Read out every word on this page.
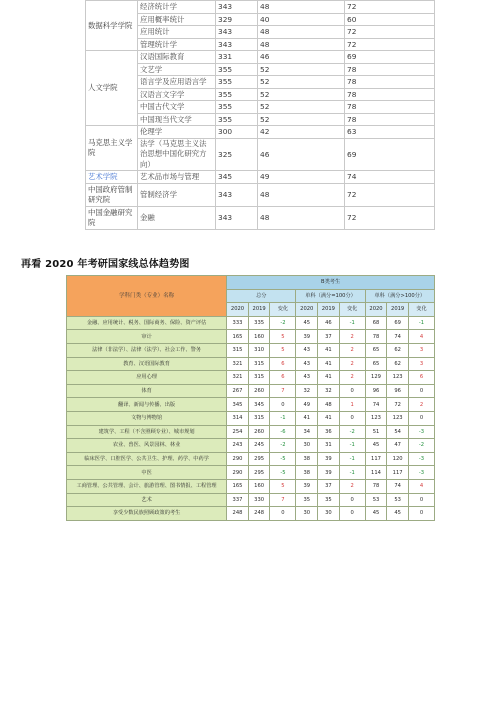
数据科学学院	经济统计学	343	48	72
	应用概率统计	329	40	60
	应用统计	343	48	72
	管理统计学	343	48	72
人文学院	汉语国际教育	331	46	69
	文艺学	355	52	78
	语言学及应用语言学	355	52	78
	汉语言文字学	355	52	78
	中国古代文学	355	52	78
	中国现当代文学	355	52	78
马克思主义学院	伦理学	300	42	63
	法学（马克思主义法治思想中国化研究方向）	325	46	69
艺术学院	艺术品市场与管理	345	49	74
中国政府管制研究院	管制经济学	343	48	72
中国金融研究院	金融	343	48	72
再看 2020 年考研国家线总体趋势图
学科门类（专业）名称	B类考生								
	总分			单科（满分=100分）			单科（满分>100分）		
	2020	2019	变化	2020	2019	变化	2020	2019	变化
金融、应用统计、税务、国际商务、保险、资产评估	333	335	-2	45	46	-1	68	69	-1
审计	165	160	5	39	37	2	78	74	4
法律（非法学）、法律（法学）、社会工作、警务	315	310	5	43	41	2	65	62	3
教育、汉语国际教育	321	315	6	43	41	2	65	62	3
应用心理	321	315	6	43	41	2	129	123	6
体育	267	260	7	32	32	0	96	96	0
翻译、新闻与传播、出版	345	345	0	49	48	1	74	72	2
文物与博物馆	314	315	-1	41	41	0	123	123	0
建筑学、工程（不含照顾专业）、城市规划	254	260	-6	34	36	-2	51	54	-3
农业、兽医、风景园林、林业	243	245	-2	30	31	-1	45	47	-2
临床医学、口腔医学、公共卫生、护理、药学、中药学	290	295	-5	38	39	-1	117	120	-3
中医	290	295	-5	38	39	-1	114	117	-3
工商管理、公共管理、会计、旅游管理、图书情报、工程管理	165	160	5	39	37	2	78	74	4
艺术	337	330	7	35	35	0	53	53	0
享受少数民族照顾政策的考生	248	248	0	30	30	0	45	45	0
